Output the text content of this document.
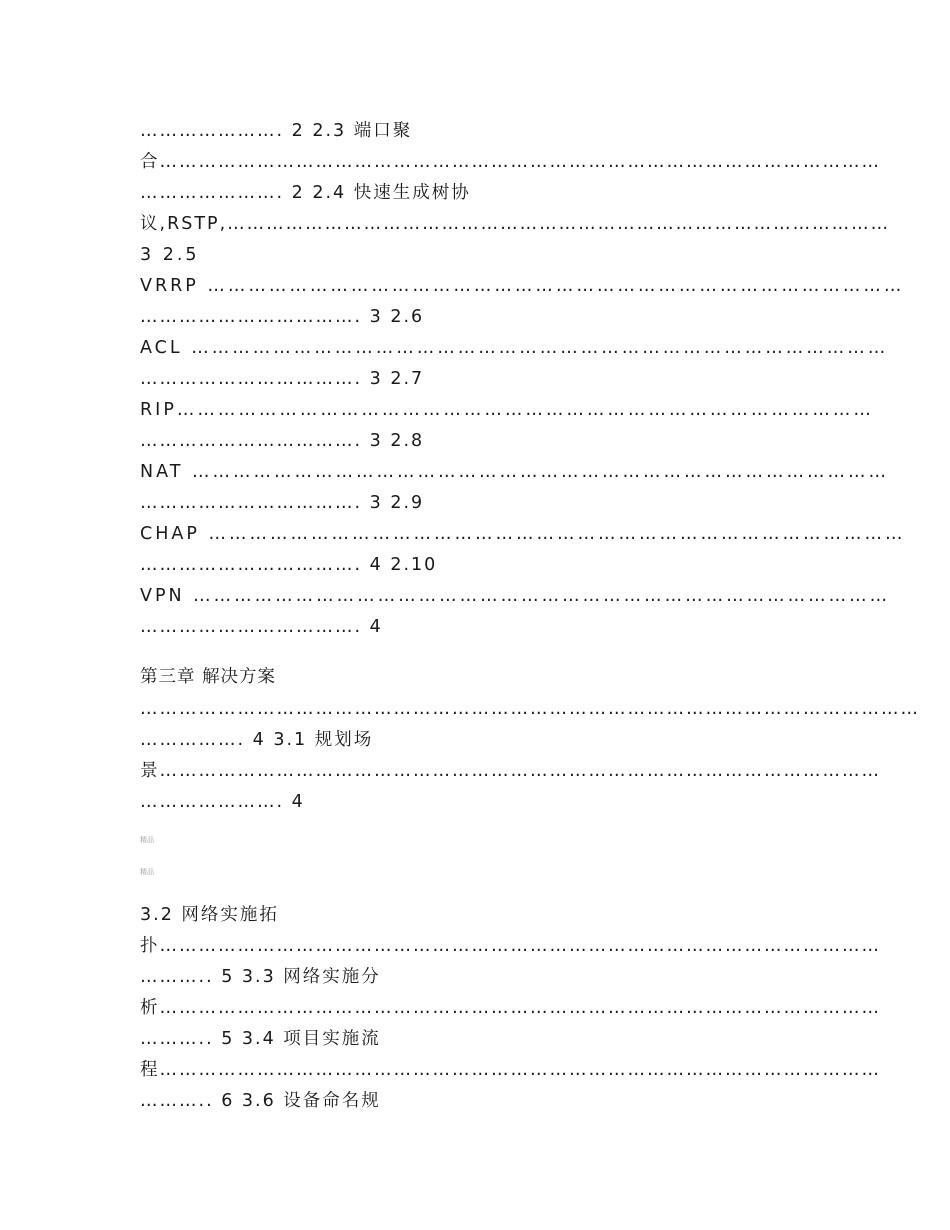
…………………. 2 2.3 端口聚
合…………………………………………………………………………………………………
…………………. 2 2.4 快速生成树协
议,RSTP,…………………………………………………………………………………………
3 2.5
VRRP …………………………………………………………………………………………
……………………………. 3 2.6
ACL …………………………………………………………………………………………
……………………………. 3 2.7
RIP…………………………………………………………………………………………
……………………………. 3 2.8
NAT …………………………………………………………………………………………
……………………………. 3 2.9
CHAP …………………………………………………………………………………………
……………………………. 4 2.10
VPN …………………………………………………………………………………………
……………………………. 4
第三章 解决方案
…………………………………………………………………………………………………………
……………. 4 3.1 规划场
景…………………………………………………………………………………………………
…………………. 4
精品
精品
3.2 网络实施拓
扑…………………………………………………………………………………………………
……….. 5 3.3 网络实施分
析…………………………………………………………………………………………………
……….. 5 3.4 项目实施流
程…………………………………………………………………………………………………
……….. 6 3.6 设备命名规
